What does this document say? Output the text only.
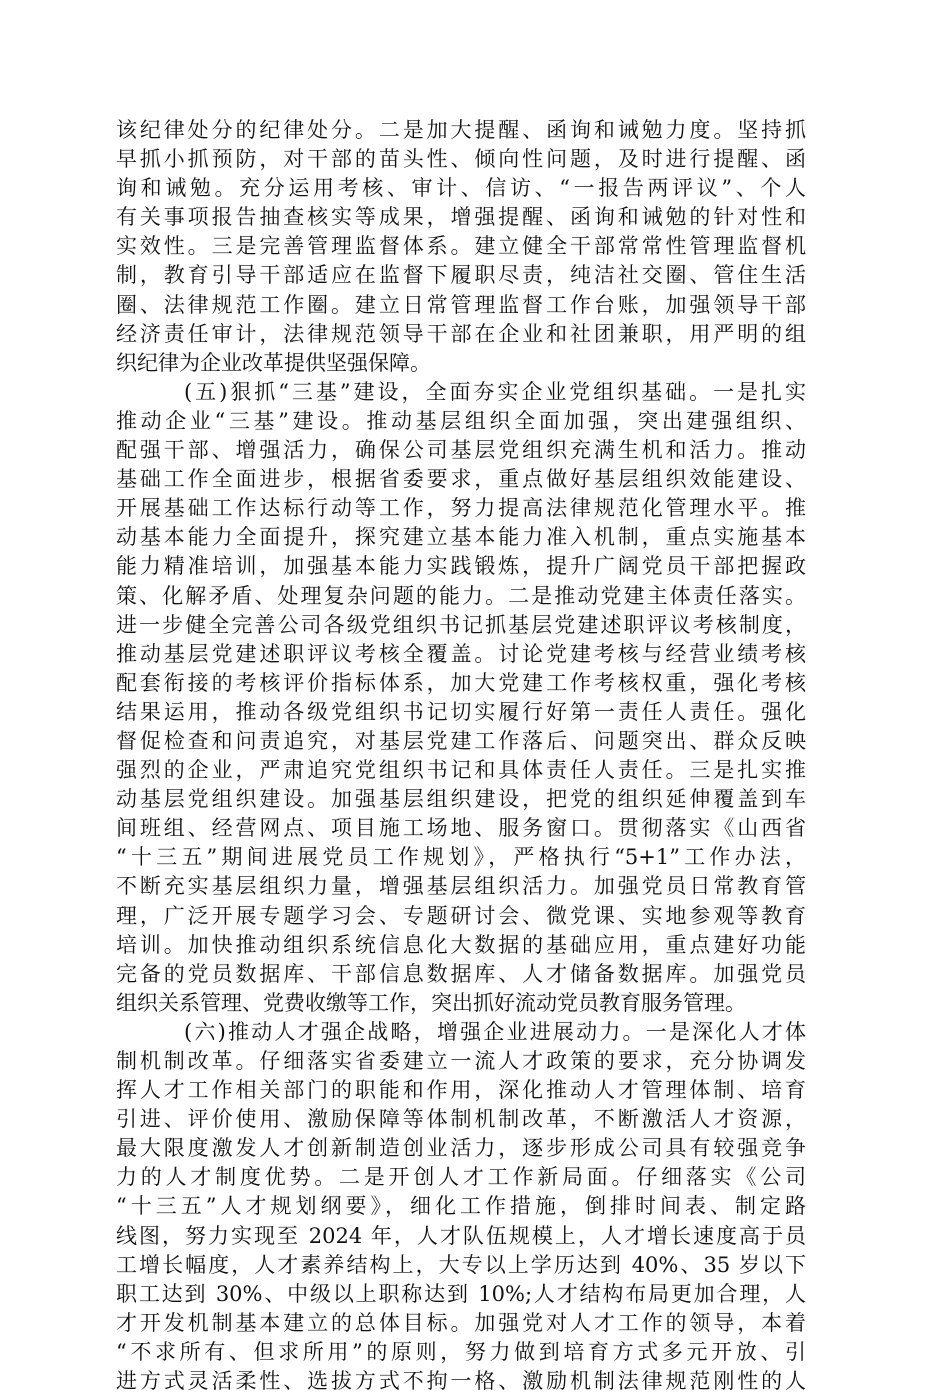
该纪律处分的纪律处分。二是加大提醒、函询和诫勉力度。坚持抓
早抓小抓预防，对干部的苗头性、倾向性问题，及时进行提醒、函
询和诫勉。充分运用考核、审计、信访、“一报告两评议”、个人
有关事项报告抽查核实等成果，增强提醒、函询和诫勉的针对性和
实效性。三是完善管理监督体系。建立健全干部常常性管理监督机
制，教育引导干部适应在监督下履职尽责，纯洁社交圈、管住生活
圈、法律规范工作圈。建立日常管理监督工作台账，加强领导干部
经济责任审计，法律规范领导干部在企业和社团兼职，用严明的组
织纪律为企业改革提供坚强保障。
(五)狠抓“三基”建设，全面夯实企业党组织基础。一是扎实
推动企业“三基”建设。推动基层组织全面加强，突出建强组织、
配强干部、增强活力，确保公司基层党组织充满生机和活力。推动
基础工作全面进步，根据省委要求，重点做好基层组织效能建设、
开展基础工作达标行动等工作，努力提高法律规范化管理水平。推
动基本能力全面提升，探究建立基本能力准入机制，重点实施基本
能力精准培训，加强基本能力实践锻炼，提升广阔党员干部把握政
策、化解矛盾、处理复杂问题的能力。二是推动党建主体责任落实。
进一步健全完善公司各级党组织书记抓基层党建述职评议考核制度，
推动基层党建述职评议考核全覆盖。讨论党建考核与经营业绩考核
配套衔接的考核评价指标体系，加大党建工作考核权重，强化考核
结果运用，推动各级党组织书记切实履行好第一责任人责任。强化
督促检查和问责追究，对基层党建工作落后、问题突出、群众反映
强烈的企业，严肃追究党组织书记和具体责任人责任。三是扎实推
动基层党组织建设。加强基层组织建设，把党的组织延伸覆盖到车
间班组、经营网点、项目施工场地、服务窗口。贯彻落实《山西省
“十三五”期间进展党员工作规划》，严格执行“5+1”工作办法，
不断充实基层组织力量，增强基层组织活力。加强党员日常教育管
理，广泛开展专题学习会、专题研讨会、微党课、实地参观等教育
培训。加快推动组织系统信息化大数据的基础应用，重点建好功能
完备的党员数据库、干部信息数据库、人才储备数据库。加强党员
组织关系管理、党费收缴等工作，突出抓好流动党员教育服务管理。
(六)推动人才强企战略，增强企业进展动力。一是深化人才体
制机制改革。仔细落实省委建立一流人才政策的要求，充分协调发
挥人才工作相关部门的职能和作用，深化推动人才管理体制、培育
引进、评价使用、激励保障等体制机制改革，不断激活人才资源，
最大限度激发人才创新制造创业活力，逐步形成公司具有较强竞争
力的人才制度优势。二是开创人才工作新局面。仔细落实《公司
“十三五”人才规划纲要》，细化工作措施，倒排时间表、制定路
线图，努力实现至 2024 年，人才队伍规模上，人才增长速度高于员
工增长幅度，人才素养结构上，大专以上学历达到 40%、35 岁以下
职工达到 30%、中级以上职称达到 10%;人才结构布局更加合理，人
才开发机制基本建立的总体目标。加强党对人才工作的领导，本着
“不求所有、但求所用”的原则，努力做到培育方式多元开放、引
进方式灵活柔性、选拔方式不拘一格、激励机制法律规范刚性的人
